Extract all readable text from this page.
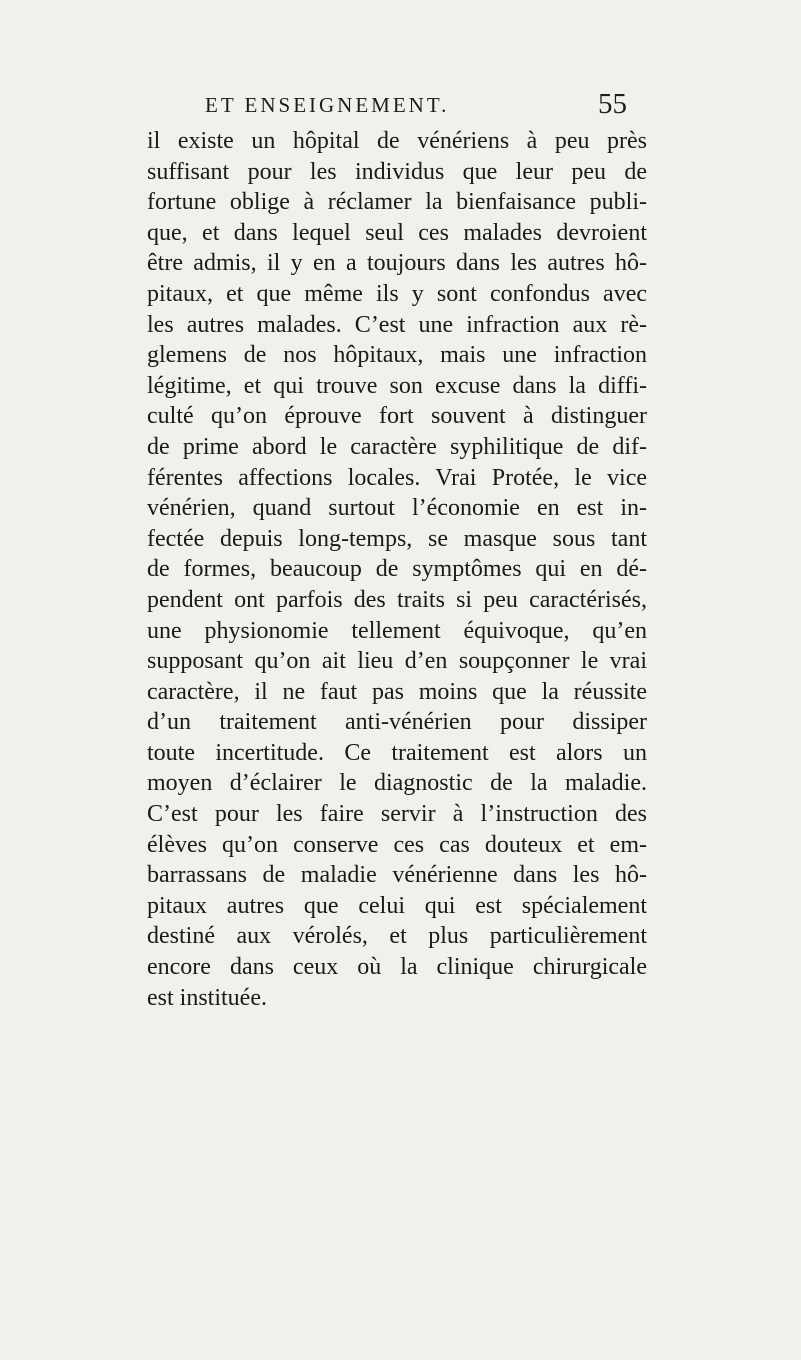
ET ENSEIGNEMENT.	55
il existe un hôpital de vénériens à peu près
suffisant pour les individus que leur peu de
fortune oblige à réclamer la bienfaisance publi-
que, et dans lequel seul ces malades devroient
être admis, il y en a toujours dans les autres hô-
pitaux, et que même ils y sont confondus avec
les autres malades. C’est une infraction aux rè-
glemens de nos hôpitaux, mais une infraction
légitime, et qui trouve son excuse dans la diffi-
culté qu’on éprouve fort souvent à distinguer
de prime abord le caractère syphilitique de dif-
férentes affections locales. Vrai Protée, le vice
vénérien, quand surtout l’économie en est in-
fectée depuis long-temps, se masque sous tant
de formes, beaucoup de symptômes qui en dé-
pendent ont parfois des traits si peu caractérisés,
une physionomie tellement équivoque, qu’en
supposant qu’on ait lieu d’en soupçonner le vrai
caractère, il ne faut pas moins que la réussite
d’un traitement anti-vénérien pour dissiper
toute incertitude. Ce traitement est alors un
moyen d’éclairer le diagnostic de la maladie.
C’est pour les faire servir à l’instruction des
élèves qu’on conserve ces cas douteux et em-
barrassans de maladie vénérienne dans les hô-
pitaux autres que celui qui est spécialement
destiné aux vérolés, et plus particulièrement
encore dans ceux où la clinique chirurgicale
est instituée.
